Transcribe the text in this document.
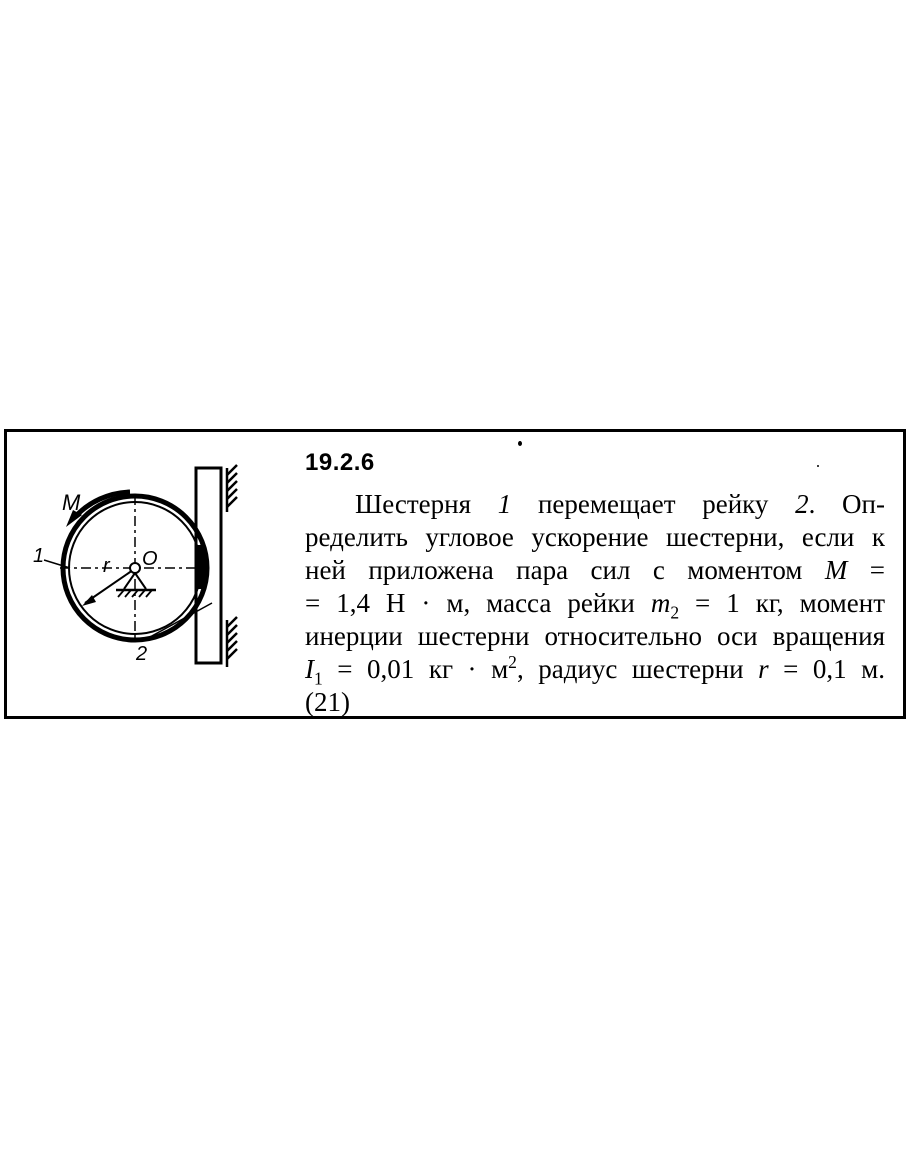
M
1	r O
2
19.2.6
Шестерня 1 перемещает рейку 2. Оп-
ределить угловое ускорение шестерни, если к
ней приложена пара сил с моментом M =
= 1,4 Н · м, масса рейки $m_2 = 1$ кг, момент
инерции шестерни относительно оси вращения
$I_1 = 0,01$ кг · $м^2$, радиус шестерни r = 0,1 м.
(21)
